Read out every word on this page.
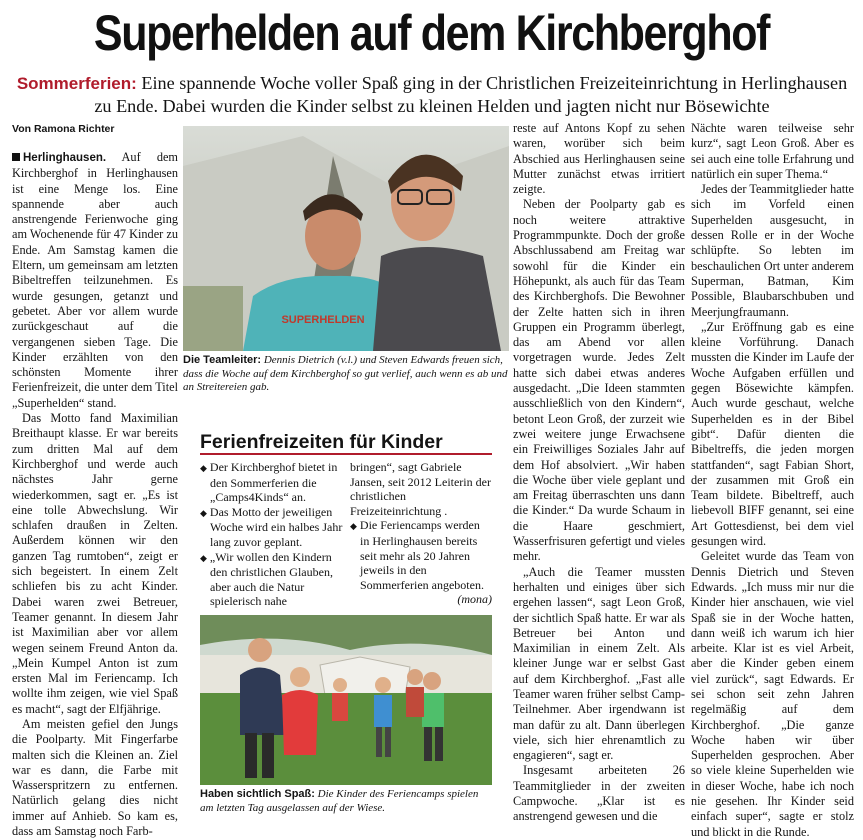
Superhelden auf dem Kirchberghof
Sommerferien: Eine spannende Woche voller Spaß ging in der Christlichen Freizeiteinrichtung in Herlinghausen
zu Ende. Dabei wurden die Kinder selbst zu kleinen Helden und jagten nicht nur Bösewichte
Von Ramona Richter

Herlinghausen. Auf dem Kirchberghof in Herlinghausen ist eine Menge los. Eine spannende aber auch anstrengende Ferienwoche ging am Wochenende für 47 Kinder zu Ende. Am Samstag kamen die Eltern, um gemeinsam am letzten Bibeltreffen teilzunehmen. Es wurde gesungen, getanzt und gebetet. Aber vor allem wurde zurückgeschaut auf die vergangenen sieben Tage. Die Kinder erzählten von den schönsten Momente ihrer Ferienfreizeit, die unter dem Titel „Superhelden“ stand.

Das Motto fand Maximilian Breithaupt klasse. Er war bereits zum dritten Mal auf dem Kirchberghof und werde auch nächstes Jahr gerne wiederkommen, sagt er. „Es ist eine tolle Abwechslung. Wir schlafen draußen in Zelten. Außerdem können wir den ganzen Tag rumtoben“, zeigt er sich begeistert. In einem Zelt schliefen bis zu acht Kinder. Dabei waren zwei Betreuer, Teamer genannt. In diesem Jahr ist Maximilian aber vor allem wegen seinem Freund Anton da. „Mein Kumpel Anton ist zum ersten Mal im Feriencamp. Ich wollte ihm zeigen, wie viel Spaß es macht“, sagt der Elfjährige.

Am meisten gefiel den Jungs die Poolparty. Mit Fingerfarbe malten sich die Kleinen an. Ziel war es dann, die Farbe mit Wasserspritzern zu entfernen. Natürlich gelang dies nicht immer auf Anhieb. So kam es, dass am Samstag noch Farb-

SUPERHELDEN
Die Teamleiter: Dennis Dietrich (v.l.) und Steven Edwards freuen sich, dass die Woche auf dem Kirchberghof so gut verlief, auch wenn es ab und an Streitereien gab.
Ferienfreizeiten für Kinder
◆ Der Kirchberghof bietet in den Sommerferien die „Camps4Kinds“ an.
◆ Das Motto der jeweiligen Woche wird ein halbes Jahr lang zuvor geplant.
◆ „Wir wollen den Kindern den christlichen Glauben, aber auch die Natur spielerisch nahe
bringen“, sagt Gabriele Jansen, seit 2012 Leiterin der christlichen Freizeiteinrichtung .
◆ Die Feriencamps werden in Herlinghausen bereits seit mehr als 20 Jahren jeweils in den Sommerferien angeboten.
(mona)
Haben sichtlich Spaß: Die Kinder des Feriencamps spielen am letzten Tag ausgelassen auf der Wiese.

reste auf Antons Kopf zu sehen waren, worüber sich beim Abschied aus Herlinghausen seine Mutter zunächst etwas irritiert zeigte.

Neben der Poolparty gab es noch weitere attraktive Programmpunkte. Doch der große Abschlussabend am Freitag war sowohl für die Kinder ein Höhepunkt, als auch für das Team des Kirchberghofs. Die Bewohner der Zelte hatten sich in ihren Gruppen ein Programm überlegt, das am Abend vor allen vorgetragen wurde. Jedes Zelt hatte sich dabei etwas anderes ausgedacht. „Die Ideen stammten ausschließlich von den Kindern“, betont Leon Groß, der zurzeit wie zwei weitere junge Erwachsene ein Freiwilliges Soziales Jahr auf dem Hof absolviert. „Wir haben die Woche über viele geplant und am Freitag überraschten uns dann die Kinder.“ Da wurde Schaum in die Haare geschmiert, Wasserfrisuren gefertigt und vieles mehr.

„Auch die Teamer mussten herhalten und einiges über sich ergehen lassen“, sagt Leon Groß, der sichtlich Spaß hatte. Er war als Betreuer bei Anton und Maximilian in einem Zelt. Als kleiner Junge war er selbst Gast auf dem Kirchberghof. „Fast alle Teamer waren früher selbst Camp-Teilnehmer. Aber irgendwann ist man dafür zu alt. Dann überlegen viele, sich hier ehrenamtlich zu engagieren“, sagt er.

Insgesamt arbeiteten 26 Teammitglieder in der zweiten Campwoche. „Klar ist es anstrengend gewesen und die

Nächte waren teilweise sehr kurz“, sagt Leon Groß. Aber es sei auch eine tolle Erfahrung und natürlich ein super Thema.“

Jedes der Teammitglieder hatte sich im Vorfeld einen Superhelden ausgesucht, in dessen Rolle er in der Woche schlüpfte. So lebten im beschaulichen Ort unter anderem Superman, Batman, Kim Possible, Blaubarschbuben und Meerjungfraumann.

„Zur Eröffnung gab es eine kleine Vorführung. Danach mussten die Kinder im Laufe der Woche Aufgaben erfüllen und gegen Bösewichte kämpfen. Auch wurde geschaut, welche Superhelden es in der Bibel gibt“. Dafür dienten die Bibeltreffs, die jeden morgen stattfanden“, sagt Fabian Short, der zusammen mit Groß ein Team bildete. Bibeltreff, auch liebevoll BIFF genannt, sei eine Art Gottesdienst, bei dem viel gesungen wird.

Geleitet wurde das Team von Dennis Dietrich und Steven Edwards. „Ich muss mir nur die Kinder hier anschauen, wie viel Spaß sie in der Woche hatten, dann weiß ich warum ich hier arbeite. Klar ist es viel Arbeit, aber die Kinder geben einem viel zurück“, sagt Edwards. Er sei schon seit zehn Jahren regelmäßig auf dem Kirchberghof. „Die ganze Woche haben wir über Superhelden gesprochen. Aber so viele kleine Superhelden wie in dieser Woche, habe ich noch nie gesehen. Ihr Kinder seid einfach super“, sagte er stolz und blickt in die Runde.
